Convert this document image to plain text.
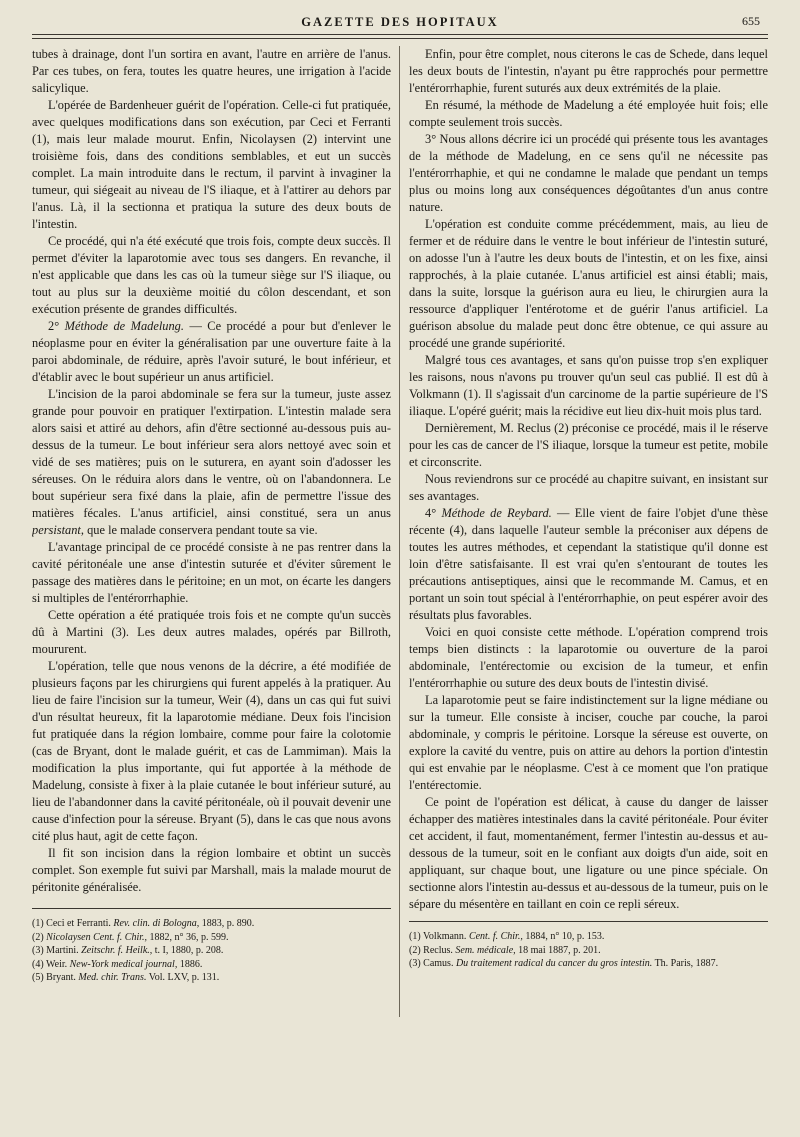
GAZETTE DES HOPITAUX	655

tubes à drainage, dont l'un sortira en avant, l'autre en arrière de l'anus. Par ces tubes, on fera, toutes les quatre heures, une irrigation à l'acide salicylique.

L'opérée de Bardenheuer guérit de l'opération. Celle-ci fut pratiquée, avec quelques modifications dans son exécution, par Ceci et Ferranti (1), mais leur malade mourut. Enfin, Nicolaysen (2) intervint une troisième fois, dans des conditions semblables, et eut un succès complet. La main introduite dans le rectum, il parvint à invaginer la tumeur, qui siégeait au niveau de l'S iliaque, et à l'attirer au dehors par l'anus. Là, il la sectionna et pratiqua la suture des deux bouts de l'intestin.

Ce procédé, qui n'a été exécuté que trois fois, compte deux succès. Il permet d'éviter la laparotomie avec tous ses dangers. En revanche, il n'est applicable que dans les cas où la tumeur siège sur l'S iliaque, ou tout au plus sur la deuxième moitié du côlon descendant, et son exécution présente de grandes difficultés.

2° Méthode de Madelung. — Ce procédé a pour but d'enlever le néoplasme pour en éviter la généralisation par une ouverture faite à la paroi abdominale, de réduire, après l'avoir suturé, le bout inférieur, et d'établir avec le bout supérieur un anus artificiel.

L'incision de la paroi abdominale se fera sur la tumeur, juste assez grande pour pouvoir en pratiquer l'extirpation. L'intestin malade sera alors saisi et attiré au dehors, afin d'être sectionné au-dessous puis au-dessus de la tumeur. Le bout inférieur sera alors nettoyé avec soin et vidé de ses matières; puis on le suturera, en ayant soin d'adosser les séreuses. On le réduira alors dans le ventre, où on l'abandonnera. Le bout supérieur sera fixé dans la plaie, afin de permettre l'issue des matières fécales. L'anus artificiel, ainsi constitué, sera un anus persistant, que le malade conservera pendant toute sa vie.

L'avantage principal de ce procédé consiste à ne pas rentrer dans la cavité péritonéale une anse d'intestin suturée et d'éviter sûrement le passage des matières dans le péritoine; en un mot, on écarte les dangers si multiples de l'entérorrhaphie.

Cette opération a été pratiquée trois fois et ne compte qu'un succès dû à Martini (3). Les deux autres malades, opérés par Billroth, moururent.

L'opération, telle que nous venons de la décrire, a été modifiée de plusieurs façons par les chirurgiens qui furent appelés à la pratiquer. Au lieu de faire l'incision sur la tumeur, Weir (4), dans un cas qui fut suivi d'un résultat heureux, fit la laparotomie médiane. Deux fois l'incision fut pratiquée dans la région lombaire, comme pour faire la colotomie (cas de Bryant, dont le malade guérit, et cas de Lammiman). Mais la modification la plus importante, qui fut apportée à la méthode de Madelung, consiste à fixer à la plaie cutanée le bout inférieur suturé, au lieu de l'abandonner dans la cavité péritonéale, où il pouvait devenir une cause d'infection pour la séreuse. Bryant (5), dans le cas que nous avons cité plus haut, agit de cette façon.

Il fit son incision dans la région lombaire et obtint un succès complet. Son exemple fut suivi par Marshall, mais la malade mourut de péritonite généralisée.

(1) Ceci et Ferranti. Rev. clin. di Bologna, 1883, p. 890.
(2) Nicolaysen Cent. f. Chir., 1882, n° 36, p. 599.
(3) Martini. Zeitschr. f. Heilk., t. I, 1880, p. 208.
(4) Weir. New-York medical journal, 1886.
(5) Bryant. Med. chir. Trans. Vol. LXV, p. 131.

Enfin, pour être complet, nous citerons le cas de Schede, dans lequel les deux bouts de l'intestin, n'ayant pu être rapprochés pour permettre l'entérorrhaphie, furent suturés aux deux extrémités de la plaie.

En résumé, la méthode de Madelung a été employée huit fois; elle compte seulement trois succès.

3° Nous allons décrire ici un procédé qui présente tous les avantages de la méthode de Madelung, en ce sens qu'il ne nécessite pas l'entérorrhaphie, et qui ne condamne le malade que pendant un temps plus ou moins long aux conséquences dégoûtantes d'un anus contre nature.

L'opération est conduite comme précédemment, mais, au lieu de fermer et de réduire dans le ventre le bout inférieur de l'intestin suturé, on adosse l'un à l'autre les deux bouts de l'intestin, et on les fixe, ainsi rapprochés, à la plaie cutanée. L'anus artificiel est ainsi établi; mais, dans la suite, lorsque la guérison aura eu lieu, le chirurgien aura la ressource d'appliquer l'entérotome et de guérir l'anus artificiel. La guérison absolue du malade peut donc être obtenue, ce qui assure au procédé une grande supériorité.

Malgré tous ces avantages, et sans qu'on puisse trop s'en expliquer les raisons, nous n'avons pu trouver qu'un seul cas publié. Il est dû à Volkmann (1). Il s'agissait d'un carcinome de la partie supérieure de l'S iliaque. L'opéré guérit; mais la récidive eut lieu dix-huit mois plus tard.

Dernièrement, M. Reclus (2) préconise ce procédé, mais il le réserve pour les cas de cancer de l'S iliaque, lorsque la tumeur est petite, mobile et circonscrite.

Nous reviendrons sur ce procédé au chapitre suivant, en insistant sur ses avantages.

4° Méthode de Reybard. — Elle vient de faire l'objet d'une thèse récente (4), dans laquelle l'auteur semble la préconiser aux dépens de toutes les autres méthodes, et cependant la statistique qu'il donne est loin d'être satisfaisante. Il est vrai qu'en s'entourant de toutes les précautions antiseptiques, ainsi que le recommande M. Camus, et en portant un soin tout spécial à l'entérorrhaphie, on peut espérer avoir des résultats plus favorables.

Voici en quoi consiste cette méthode. L'opération comprend trois temps bien distincts : la laparotomie ou ouverture de la paroi abdominale, l'entérectomie ou excision de la tumeur, et enfin l'entérorrhaphie ou suture des deux bouts de l'intestin divisé.

La laparotomie peut se faire indistinctement sur la ligne médiane ou sur la tumeur. Elle consiste à inciser, couche par couche, la paroi abdominale, y compris le péritoine. Lorsque la séreuse est ouverte, on explore la cavité du ventre, puis on attire au dehors la portion d'intestin qui est envahie par le néoplasme. C'est à ce moment que l'on pratique l'entérectomie.

Ce point de l'opération est délicat, à cause du danger de laisser échapper des matières intestinales dans la cavité péritonéale. Pour éviter cet accident, il faut, momentanément, fermer l'intestin au-dessus et au-dessous de la tumeur, soit en le confiant aux doigts d'un aide, soit en appliquant, sur chaque bout, une ligature ou une pince spéciale. On sectionne alors l'intestin au-dessus et au-dessous de la tumeur, puis on le sépare du mésentère en taillant en coin ce repli séreux.

(1) Volkmann. Cent. f. Chir., 1884, n° 10, p. 153.
(2) Reclus. Sem. médicale, 18 mai 1887, p. 201.
(3) Camus. Du traitement radical du cancer du gros intestin. Th. Paris, 1887.
